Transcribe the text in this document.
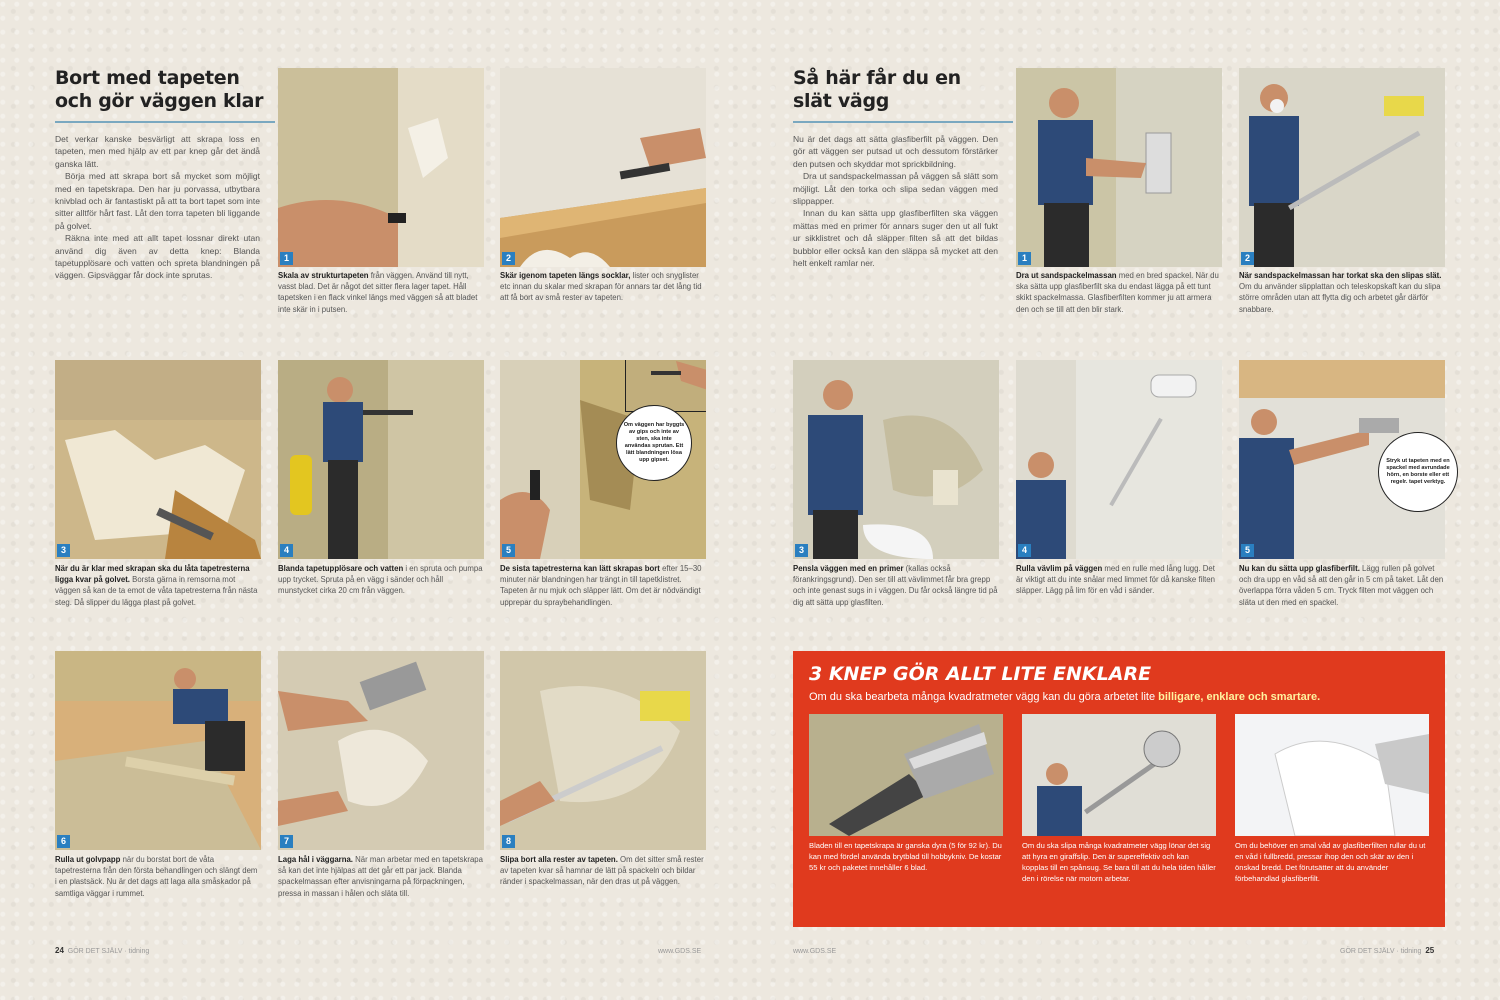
Bort med tapeten och gör väggen klar

Det verkar kanske besvärligt att skrapa loss en tapeten, men med hjälp av ett par knep går det ändå ganska lätt.

Börja med att skrapa bort så mycket som möjligt med en tapetskrapa. Den har ju porvassa, utbytbara knivblad och är fantastiskt på att ta bort tapet som inte sitter alltför hårt fast. Låt den torra tapeten bli liggande på golvet.

Räkna inte med att allt tapet lossnar direkt utan använd dig även av detta knep: Blanda tapetupplösare och vatten och spreta blandningen på väggen. Gipsväggar får dock inte sprutas.

1
Skala av strukturtapeten från väggen. Använd till nytt, vasst blad. Det är något det sitter flera lager tapet. Håll tapetsken i en flack vinkel längs med väggen så att bladet inte skär in i putsen.
2
Skär igenom tapeten längs socklar, lister och snyglister etc innan du skalar med skrapan för annars tar det lång tid att få bort av små rester av tapeten.
3
När du är klar med skrapan ska du låta tapetresterna ligga kvar på golvet. Borsta gärna in remsorna mot väggen så kan de ta emot de våta tapetresterna från nästa steg. Då slipper du lägga plast på golvet.
4
Blanda tapetupplösare och vatten i en spruta och pumpa upp trycket. Spruta på en vägg i sänder och håll munstycket cirka 20 cm från väggen.
5
Om väggen har byggts av gips och inte av sten, ska inte användas sprutan. Ett lätt blandningen lösa upp gipset.
De sista tapetresterna kan lätt skrapas bort efter 15–30 minuter när blandningen har trängt in till tapetklistret. Tapeten är nu mjuk och släpper lätt. Om det är nödvändigt upprepar du spraybehandlingen.
6
Rulla ut golvpapp när du borstat bort de våta tapetresterna från den första behandlingen och slängt dem i en plastsäck. Nu är det dags att laga alla småskador på samtliga väggar i rummet.
7
Laga hål i väggarna. När man arbetar med en tapetskrapa så kan det inte hjälpas att det går ett par jack. Blanda spackelmassan efter anvisningarna på förpackningen, pressa in massan i hålen och släta till.
8
Slipa bort alla rester av tapeten. Om det sitter små rester av tapeten kvar så hamnar de lätt på spackeln och bildar ränder i spackelmassan, när den dras ut på väggen.
24 GÖR DET SJÄLV · tidning	www.GDS.SE
Så här får du en slät vägg

Nu är det dags att sätta glasfiberfilt på väggen. Den gör att väggen ser putsad ut och dessutom förstärker den putsen och skyddar mot sprickbildning.

Dra ut sandspackelmassan på väggen så slätt som möjligt. Låt den torka och slipa sedan väggen med slippapper.

Innan du kan sätta upp glasfiberfilten ska väggen mättas med en primer för annars suger den ut all fukt ur sikklistret och då släpper filten så att det bildas bubblor eller också kan den släppa så mycket att den helt enkelt ramlar ner.

1
Dra ut sandspackelmassan med en bred spackel. När du ska sätta upp glasfiberfilt ska du endast lägga på ett tunt skikt spackelmassa. Glasfiberfilten kommer ju att armera den och se till att den blir stark.
2
När sandspackelmassan har torkat ska den slipas slät. Om du använder slipplattan och teleskopskaft kan du slipa större områden utan att flytta dig och arbetet går därför snabbare.
3
Pensla väggen med en primer (kallas också förankringsgrund). Den ser till att vävlimmet får bra grepp och inte genast sugs in i väggen. Du får också längre tid på dig att sätta upp glasfilten.
4
Rulla vävlim på väggen med en rulle med lång lugg. Det är viktigt att du inte snålar med limmet för då kanske filten släpper. Lägg på lim för en våd i sänder.
5
Stryk ut tapeten med en spackel med avrundade hörn, en borste eller ett regelr. tapet verktyg.
Nu kan du sätta upp glasfiberfilt. Lägg rullen på golvet och dra upp en våd så att den går in 5 cm på taket. Låt den överlappa förra våden 5 cm. Tryck filten mot väggen och släta ut den med en spackel.
3 KNEP GÖR ALLT LITE ENKLARE
Om du ska bearbeta många kvadratmeter vägg kan du göra arbetet lite billigare, enklare och smartare.
Bladen till en tapetskrapa är ganska dyra (5 för 92 kr). Du kan med fördel använda brytblad till hobbykniv. De kostar 55 kr och paketet innehåller 6 blad.
Om du ska slipa många kvadratmeter vägg lönar det sig att hyra en giraffslip. Den är supereffektiv och kan kopplas till en spånsug. Se bara till att du hela tiden håller den i rörelse när motorn arbetar.
Om du behöver en smal våd av glasfiberfilten rullar du ut en våd i fullbredd, pressar ihop den och skär av den i önskad bredd. Det förutsätter att du använder förbehandlad glasfiberfilt.
www.GDS.SE	GÖR DET SJÄLV · tidning 25
